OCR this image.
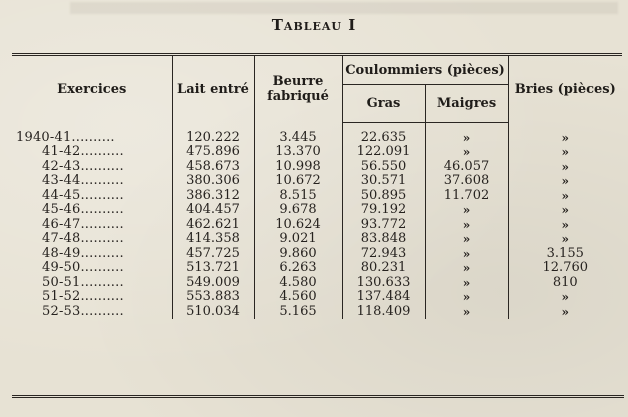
Tableau I
Exercices	Lait entré	Beurre fabriqué	Coulommiers (pièces)		Bries (pièces)
			Gras	Maigres	

1940-41..........	120.222	3.445	22.635	»	»
41-42..........	475.896	13.370	122.091	»	»
42-43..........	458.673	10.998	56.550	46.057	»
43-44..........	380.306	10.672	30.571	37.608	»
44-45..........	386.312	8.515	50.895	11.702	»
45-46..........	404.457	9.678	79.192	»	»
46-47..........	462.621	10.624	93.772	»	»
47-48..........	414.358	9.021	83.848	»	»
48-49..........	457.725	9.860	72.943	»	3.155
49-50..........	513.721	6.263	80.231	»	12.760
50-51..........	549.009	4.580	130.633	»	810
51-52..........	553.883	4.560	137.484	»	»
52-53..........	510.034	5.165	118.409	»	»
